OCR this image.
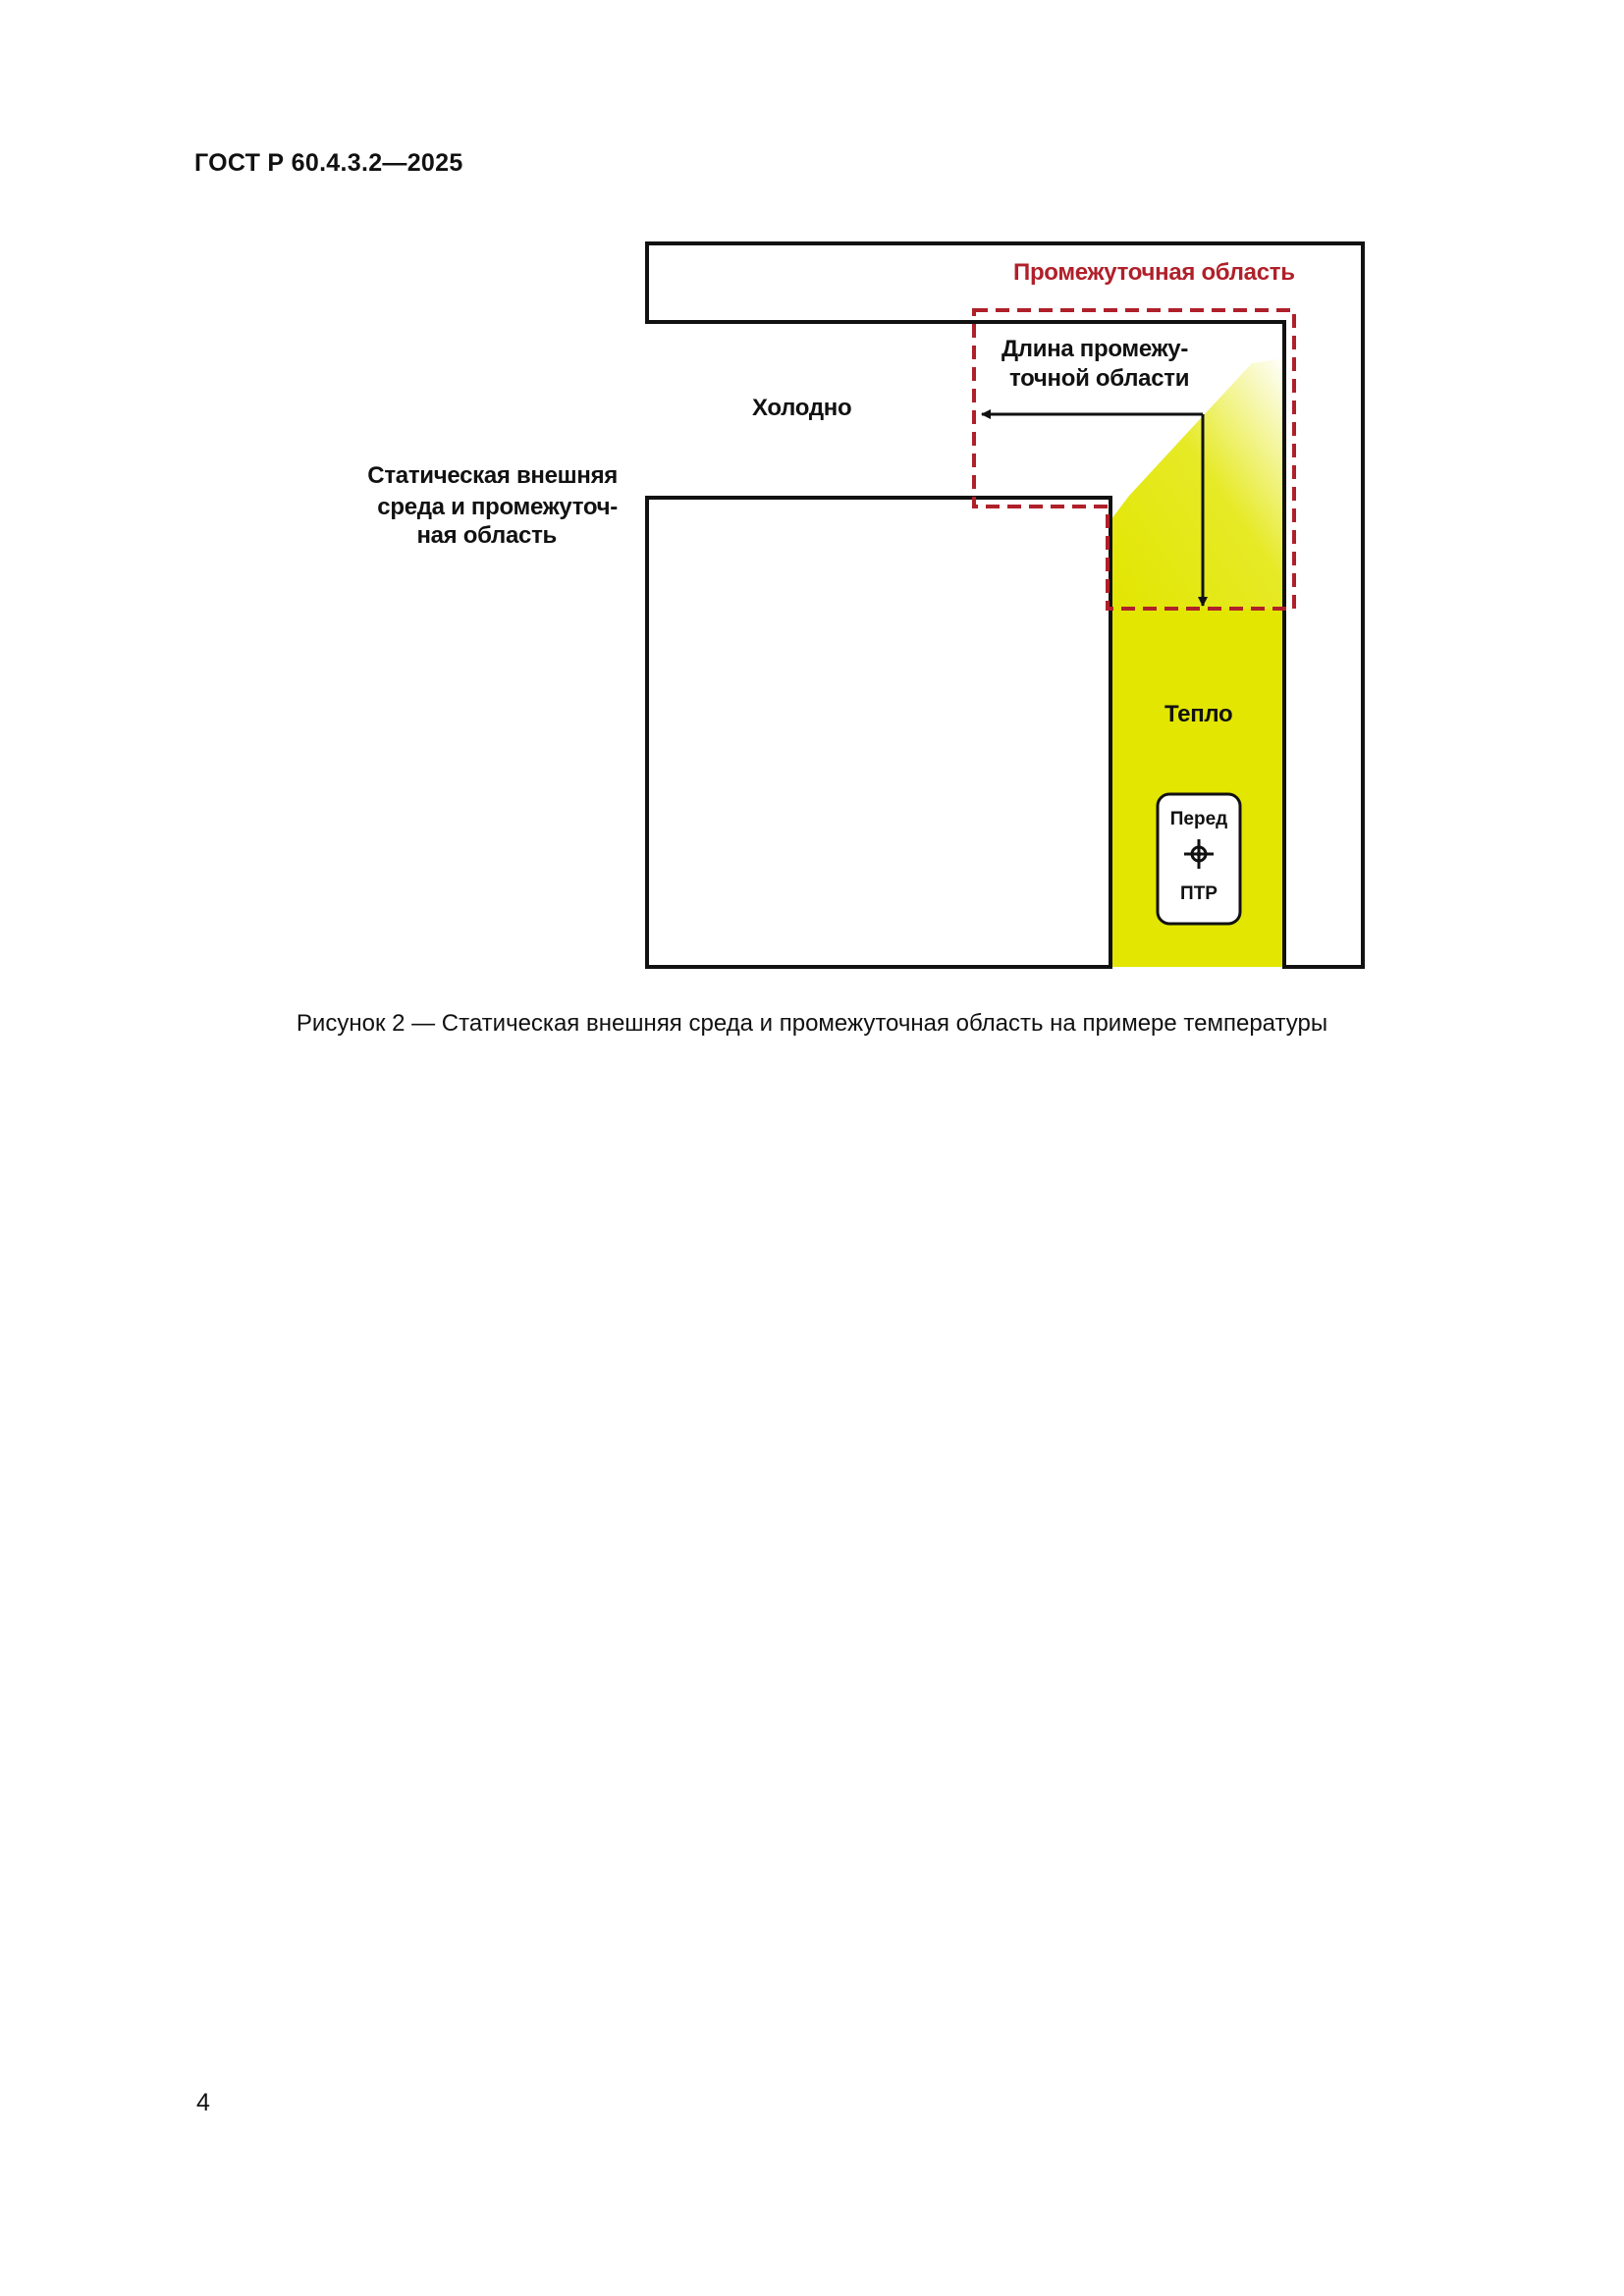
ГОСТ Р 60.4.3.2—2025
Промежуточная область
Длина промежу-
точной области
Холодно
Статическая внешняя
среда и промежуточ-
ная область
Тепло
Перед
ПТР
Рисунок 2 — Статическая внешняя среда и промежуточная область на примере температуры
4
